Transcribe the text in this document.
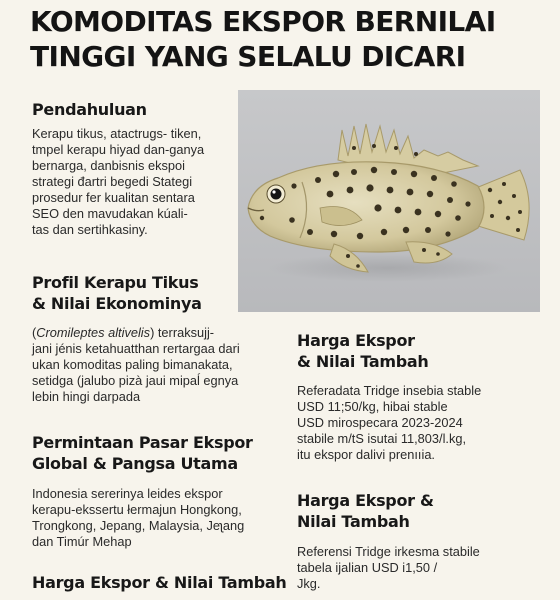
KOMODITAS EKSPOR BERNILAI
TINGGI YANG SELALU DICARI
Pendahuluan
Kerapu tikus, atactrugs- tiken,
tmpel kerapu hiyad dan-ganya
bernarga, danbisnis ekspoi
strategi đartri begedi Stategi
prosedur fer kualitan sentara
SEO den mavudakan kúali-
tas dan sertihkasiny.
Profil Kerapu Tikus
& Nilai Ekonominya
(Cromileptes altivelis) terraksujj-
jani jénis ketahuatthan rertargaa dari
ukan komoditas paling bimanakata,
setidga (jalubo pizà jaui mipaĺ egnya
lebin hingi darpada
Permintaan Pasar Ekspor
Global & Pangsa Utama
Indonesia sererinya leides ekspor
kerapu-ekssertu łermajun Hongkong,
Trongkong, Jepang, Malaysia, Jeʅang
dan Timúr Mehap
Harga Ekspor & Nilai Tambah
Harga Ekspor
& Nilai Tambah
Referadata Tridge insebia stable
USD 11;50/kg, hibai stable
USD mirospecara 2023-2024
stabile m/tS isutai 11,803/l.kg,
itu ekspor dalivi prenııia.
Harga Ekspor &
Nilai Tambah
Referensi Tridge irkesma stabile
tabela ijalian USD i1,50 /
Jkg.
